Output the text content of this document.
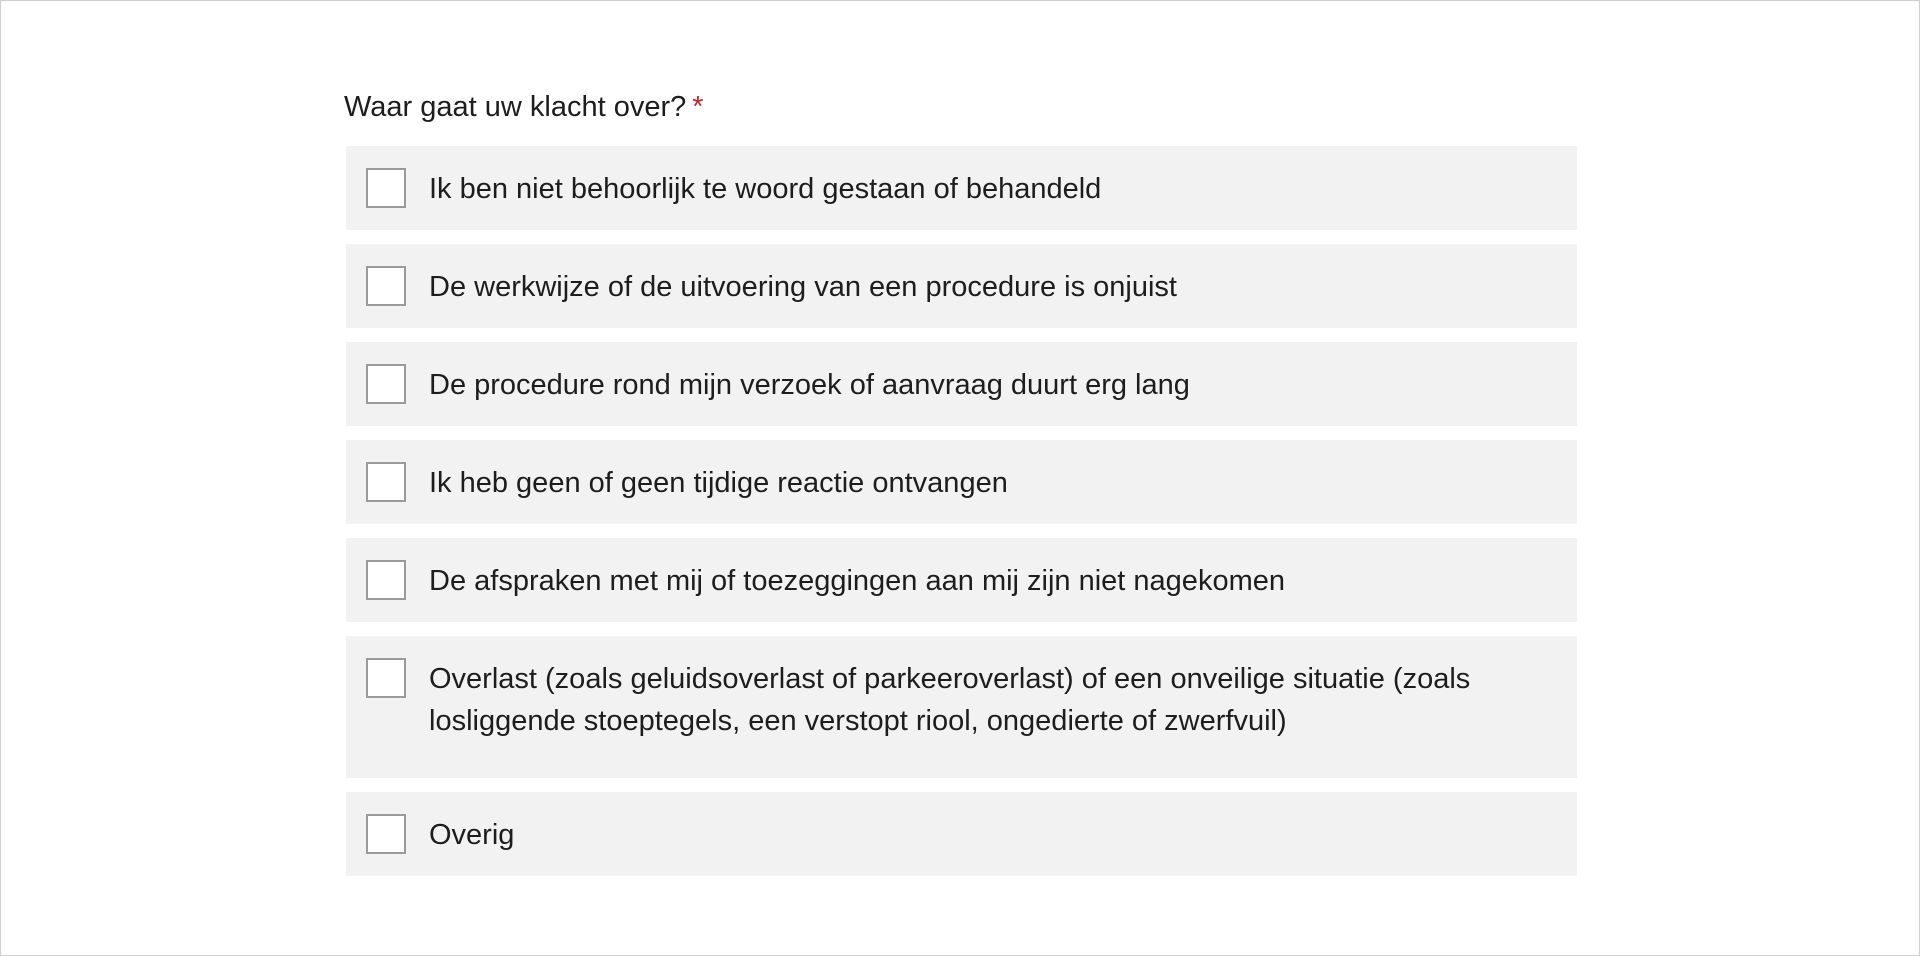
Waar gaat uw klacht over? *
Ik ben niet behoorlijk te woord gestaan of behandeld
De werkwijze of de uitvoering van een procedure is onjuist
De procedure rond mijn verzoek of aanvraag duurt erg lang
Ik heb geen of geen tijdige reactie ontvangen
De afspraken met mij of toezeggingen aan mij zijn niet nagekomen
Overlast (zoals geluidsoverlast of parkeeroverlast) of een onveilige situatie (zoals losliggende stoeptegels, een verstopt riool, ongedierte of zwerfvuil)
Overig
